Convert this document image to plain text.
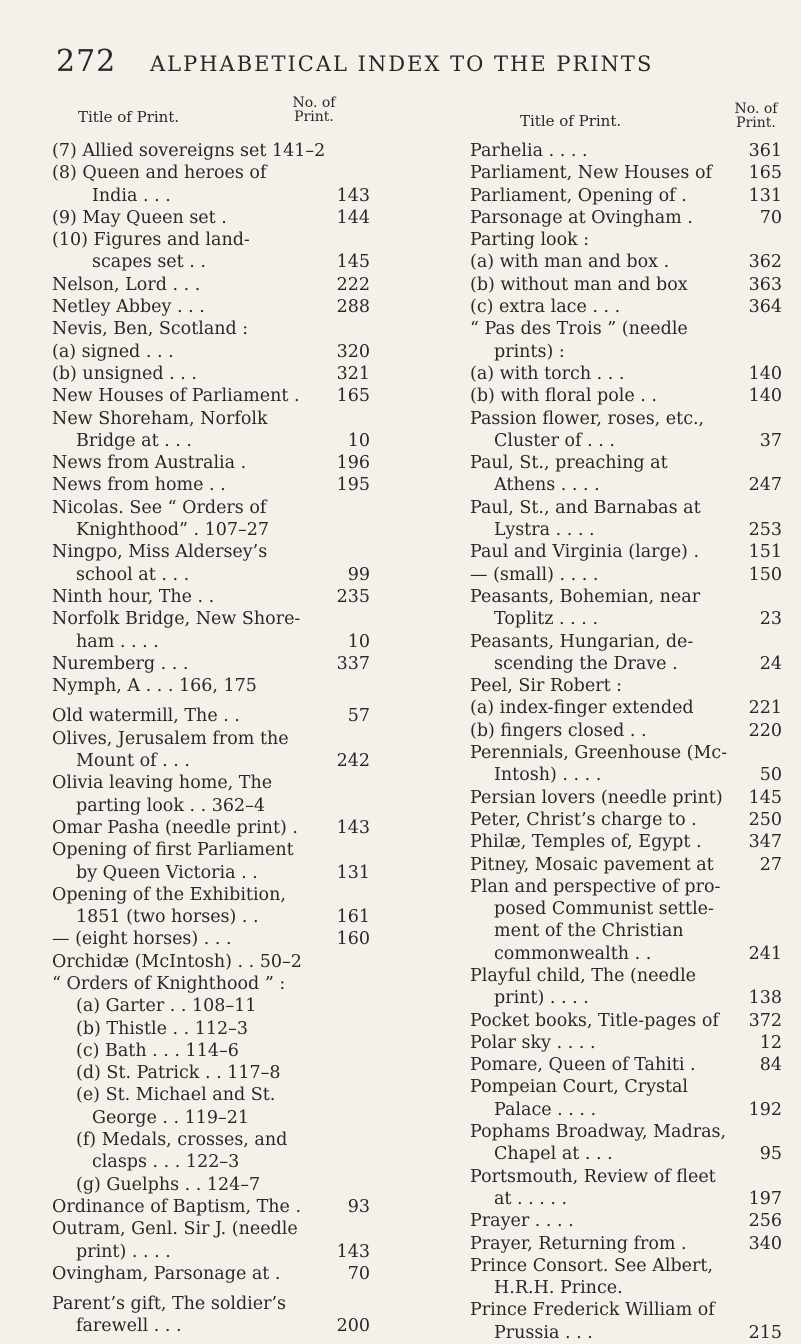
272 ALPHABETICAL INDEX TO THE PRINTS
Title of Print.
No. of
Print.
(7) Allied sovereigns set 141–2
(8) Queen and heroes of
India . . .	143
(9) May Queen set .	144
(10) Figures and land-
scapes set . .	145
Nelson, Lord . . .	222
Netley Abbey . . .	288
Nevis, Ben, Scotland :
(a) signed . . .	320
(b) unsigned . . .	321
New Houses of Parliament . 165
New Shoreham, Norfolk
Bridge at . . .	10
News from Australia .	196
News from home . .	195
Nicolas. See “ Orders of
Knighthood” . 107–27
Ningpo, Miss Aldersey’s
school at . . .	99
Ninth hour, The . .	235
Norfolk Bridge, New Shore-
ham . . . .	10
Nuremberg . . .	337
Nymph, A . . . 166, 175
Old watermill, The . .	57
Olives, Jerusalem from the
Mount of . . .	242
Olivia leaving home, The
parting look . . 362–4
Omar Pasha (needle print) . 143
Opening of first Parliament
by Queen Victoria . .	131
Opening of the Exhibition,
1851 (two horses) . .	161
— (eight horses) . . .	160
Orchidæ (McIntosh) . . 50–2
“ Orders of Knighthood ” :
(a) Garter . . 108–11
(b) Thistle . . 112–3
(c) Bath . . . 114–6
(d) St. Patrick . . 117–8
(e) St. Michael and St.
George . . 119–21
(f) Medals, crosses, and
clasps . . . 122–3
(g) Guelphs . . 124–7
Ordinance of Baptism, The .	93
Outram, Genl. Sir J. (needle
print) . . . .	143
Ovingham, Parsonage at .	70
Parent’s gift, The soldier’s
farewell . . .	200
Title of Print.
No. of
Print.
Parhelia . . . .	361
Parliament, New Houses of 165
Parliament, Opening of .	131
Parsonage at Ovingham .	70
Parting look :
(a) with man and box .	362
(b) without man and box	363
(c) extra lace . . .	364
“ Pas des Trois ” (needle
prints) :
(a) with torch . . .	140
(b) with floral pole . .	140
Passion flower, roses, etc.,
Cluster of . . .	37
Paul, St., preaching at
Athens . . . .	247
Paul, St., and Barnabas at
Lystra . . . .	253
Paul and Virginia (large) .	151
— (small) . . . .	150
Peasants, Bohemian, near
Toplitz . . . .	23
Peasants, Hungarian, de-
scending the Drave .	24
Peel, Sir Robert :
(a) index-finger extended	221
(b) fingers closed . .	220
Perennials, Greenhouse (Mc-
Intosh) . . . .	50
Persian lovers (needle print) 145
Peter, Christ’s charge to .	250
Philæ, Temples of, Egypt .	347
Pitney, Mosaic pavement at	27
Plan and perspective of pro-
posed Communist settle-
ment of the Christian
commonwealth . .	241
Playful child, The (needle
print) . . . .	138
Pocket books, Title-pages of 372
Polar sky . . . .	12
Pomare, Queen of Tahiti .	84
Pompeian Court, Crystal
Palace . . . .	192
Pophams Broadway, Madras,
Chapel at . . .	95
Portsmouth, Review of fleet
at . . . . .	197
Prayer . . . .	256
Prayer, Returning from .	340
Prince Consort. See Albert,
H.R.H. Prince.
Prince Frederick William of
Prussia . . .	215
